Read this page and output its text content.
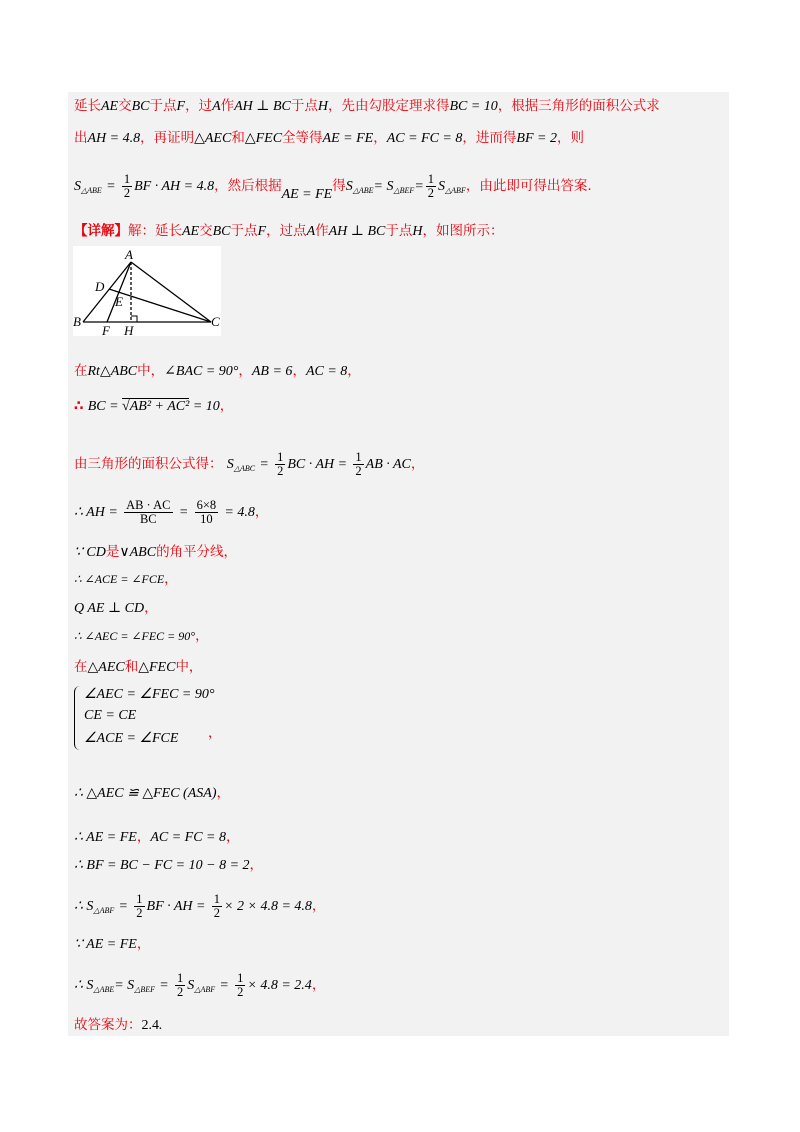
延长AE交BC于点F，过A作AH ⊥ BC于点H，先由勾股定理求得BC = 10，根据三角形的面积公式求
出AH = 4.8，再证明△AEC和△FEC全等得AE = FE，AC = FC = 8，进而得BF = 2，则
$S_{\triangle ABE} = \frac{1}{2}$ BF · AH = 4.8，然后根据AE = FE得$S_{\triangle ABE}= S_{\triangle BEF}= \frac{1}{2} S_{\triangle ABF}$，由此即可得出答案.
【详解】解：延长AE交BC于点F，过点A作AH ⊥ BC于点H，如图所示：
A
D
E
B
F H
C
在Rt△ABC中，∠BAC = 90°，AB = 6，AC = 8，
∴ BC = √AB² + AC² = 10，
由三角形的面积公式得： $S_{\triangle ABC} = \frac{1}{2}$ BC · AH = $\frac{1}{2}$ AB · AC，
∴ AH = $\frac{AB \cdot AC}{BC} = \frac{6\times 8}{10} = 4.8$，
∵ CD是∨ABC的角平分线，
∴ ∠ACE = ∠FCE，
Q AE ⊥ CD，
∴ ∠AEC = ∠FEC = 90°，
在△AEC和△FEC中，
∠AEC = ∠FEC = 90°
CE = CE
∠ACE = ∠FCE ，
∴ △AEC ≌ △FEC (ASA)，
∴ AE = FE，AC = FC = 8，
∴ BF = BC − FC = 10 − 8 = 2，
∴ $S_{\triangle ABF} = \frac{1}{2}$ BF · AH = $\frac{1}{2} \times 2 \times 4.8 = 4.8$，
∵ AE = FE，
∴ $S_{\triangle ABE}= S_{\triangle BEF} = \frac{1}{2} S_{\triangle ABF} = \frac{1}{2} \times 4.8 = 2.4$，
故答案为：2.4.
